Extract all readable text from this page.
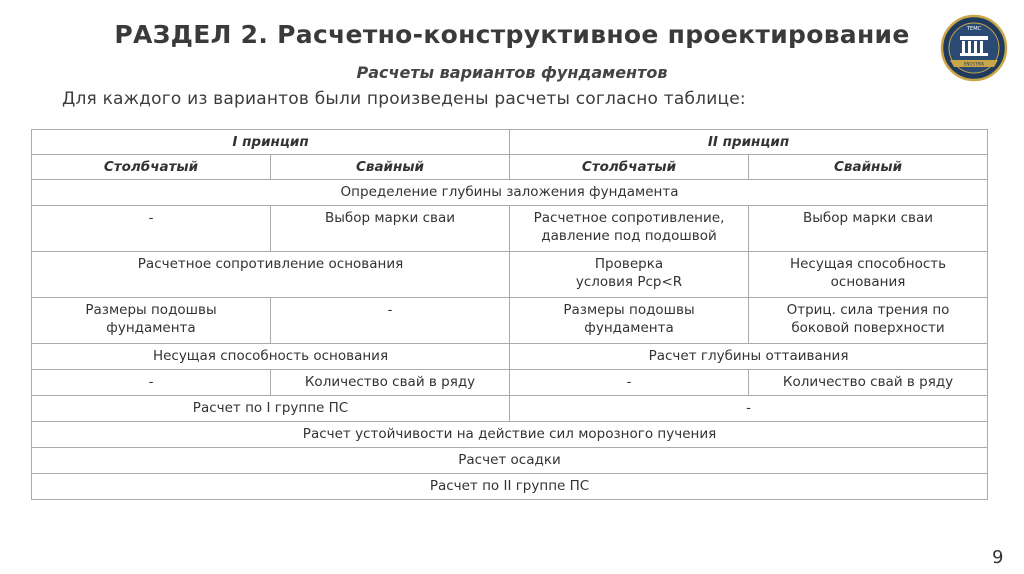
РАЗДЕЛ 2. Расчетно-конструктивное проектирование
Расчеты вариантов фундаментов
Для каждого из вариантов были произведены расчеты согласно таблице:
TEMC
ENGSTRIK
I принцип		II принцип	
Столбчатый	Свайный	Столбчатый	Свайный
Определение глубины заложения фундамента			
-	Выбор марки сваи	Расчетное сопротивление, давление под подошвой	Выбор марки сваи
Расчетное сопротивление основания		Проверка условия Pср<R	Несущая способность основания
Размеры подошвы фундамента	-	Размеры подошвы фундамента	Отриц. сила трения по боковой поверхности
Несущая способность основания		Расчет глубины оттаивания	
-	Количество свай в ряду	-	Количество свай в ряду
Расчет по I группе ПС		-	
Расчет устойчивости на действие сил морозного пучения			
Расчет осадки			
Расчет по II группе ПС			
9
